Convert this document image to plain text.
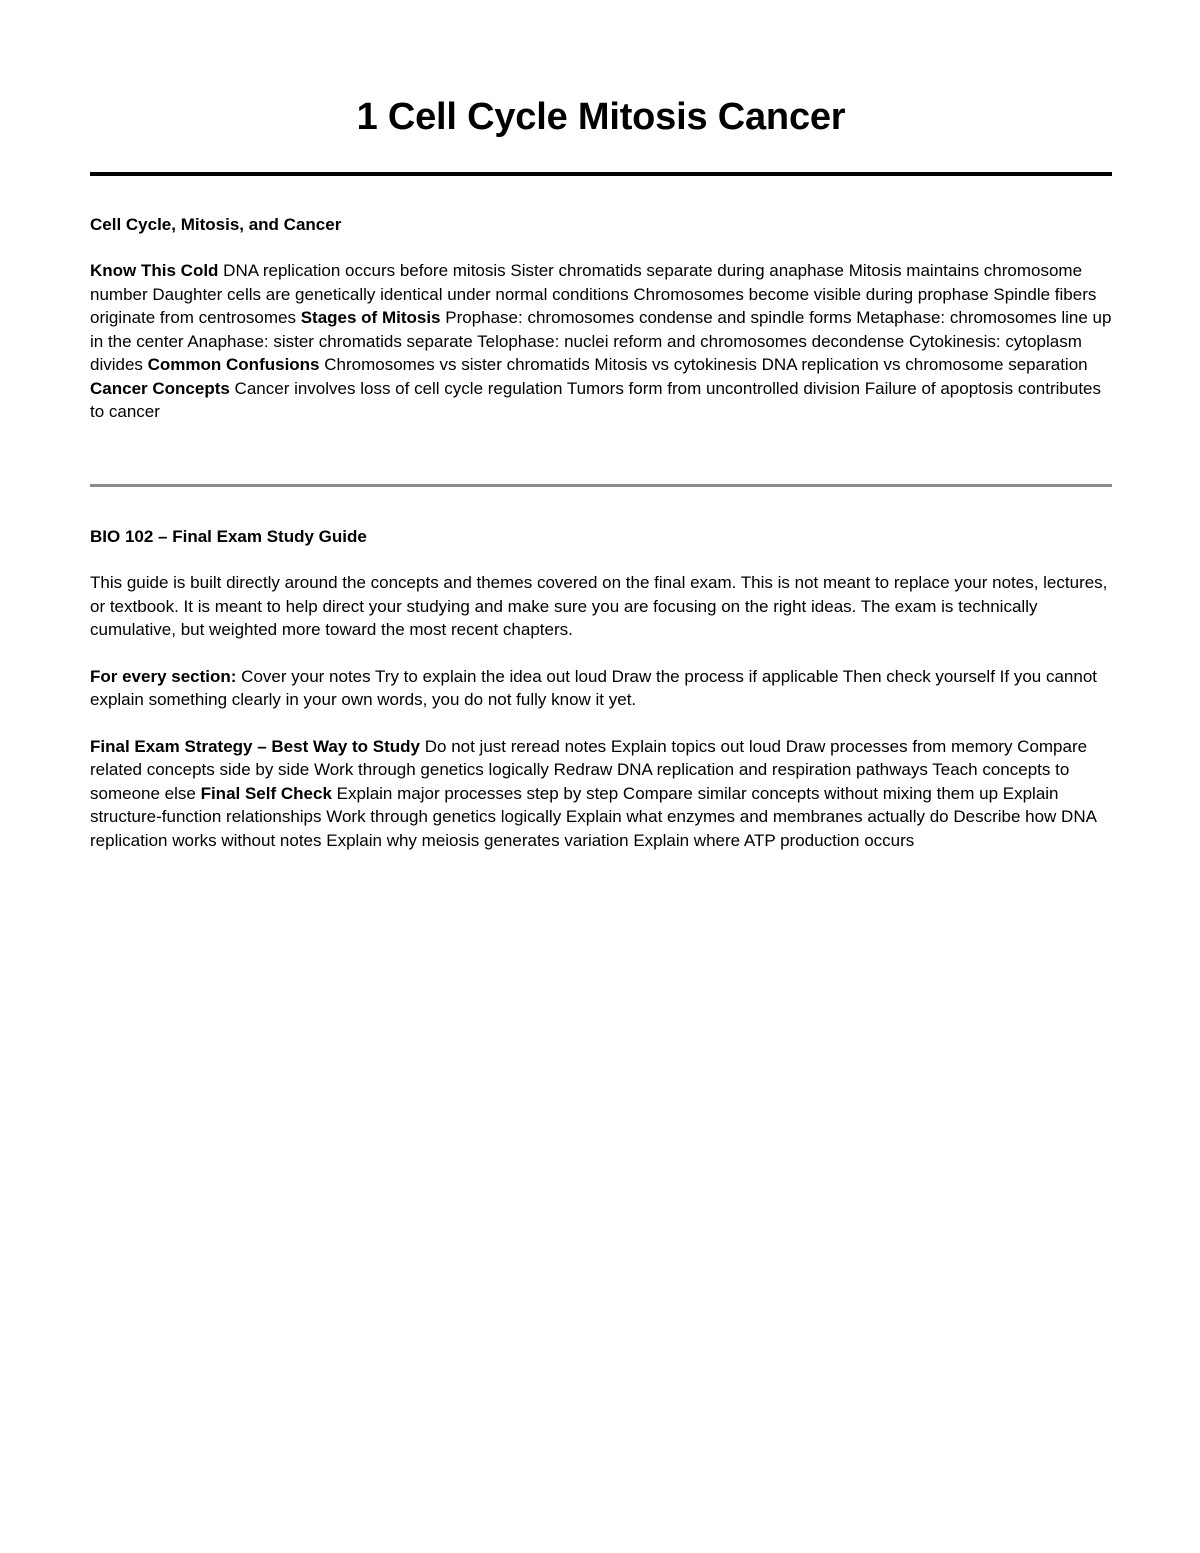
1 Cell Cycle Mitosis Cancer

Cell Cycle, Mitosis, and Cancer

Know This Cold DNA replication occurs before mitosis Sister chromatids separate during anaphase Mitosis maintains chromosome number Daughter cells are genetically identical under normal conditions Chromosomes become visible during prophase Spindle fibers originate from centrosomes Stages of Mitosis Prophase: chromosomes condense and spindle forms Metaphase: chromosomes line up in the center Anaphase: sister chromatids separate Telophase: nuclei reform and chromosomes decondense Cytokinesis: cytoplasm divides Common Confusions Chromosomes vs sister chromatids Mitosis vs cytokinesis DNA replication vs chromosome separation Cancer Concepts Cancer involves loss of cell cycle regulation Tumors form from uncontrolled division Failure of apoptosis contributes to cancer

BIO 102 – Final Exam Study Guide

This guide is built directly around the concepts and themes covered on the final exam. This is not meant to replace your notes, lectures, or textbook. It is meant to help direct your studying and make sure you are focusing on the right ideas. The exam is technically cumulative, but weighted more toward the most recent chapters.

For every section: Cover your notes Try to explain the idea out loud Draw the process if applicable Then check yourself If you cannot explain something clearly in your own words, you do not fully know it yet.

Final Exam Strategy – Best Way to Study Do not just reread notes Explain topics out loud Draw processes from memory Compare related concepts side by side Work through genetics logically Redraw DNA replication and respiration pathways Teach concepts to someone else Final Self Check Explain major processes step by step Compare similar concepts without mixing them up Explain structure-function relationships Work through genetics logically Explain what enzymes and membranes actually do Describe how DNA replication works without notes Explain why meiosis generates variation Explain where ATP production occurs
